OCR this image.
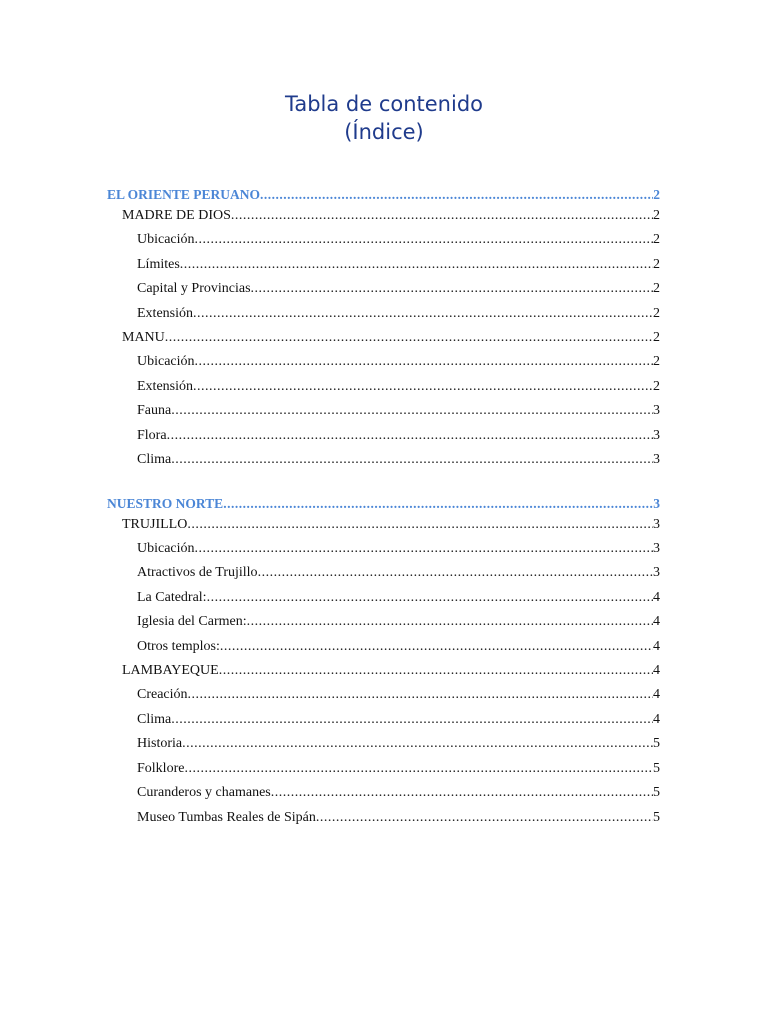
Tabla de contenido
(Índice)
EL ORIENTE PERUANO .....	2
MADRE DE DIOS .....	2
Ubicación .....	2
Límites .....	2
Capital y Provincias .....	2
Extensión .....	2
MANU .....	2
Ubicación .....	2
Extensión .....	2
Fauna .....	3
Flora .....	3
Clima .....	3
NUESTRO NORTE .....	3
TRUJILLO .....	3
Ubicación .....	3
Atractivos de Trujillo .....	3
La Catedral: .....	4
Iglesia del Carmen: .....	4
Otros templos: .....	4
LAMBAYEQUE .....	4
Creación .....	4
Clima .....	4
Historia .....	5
Folklore .....	5
Curanderos y chamanes .....	5
Museo Tumbas Reales de Sipán .....	5
